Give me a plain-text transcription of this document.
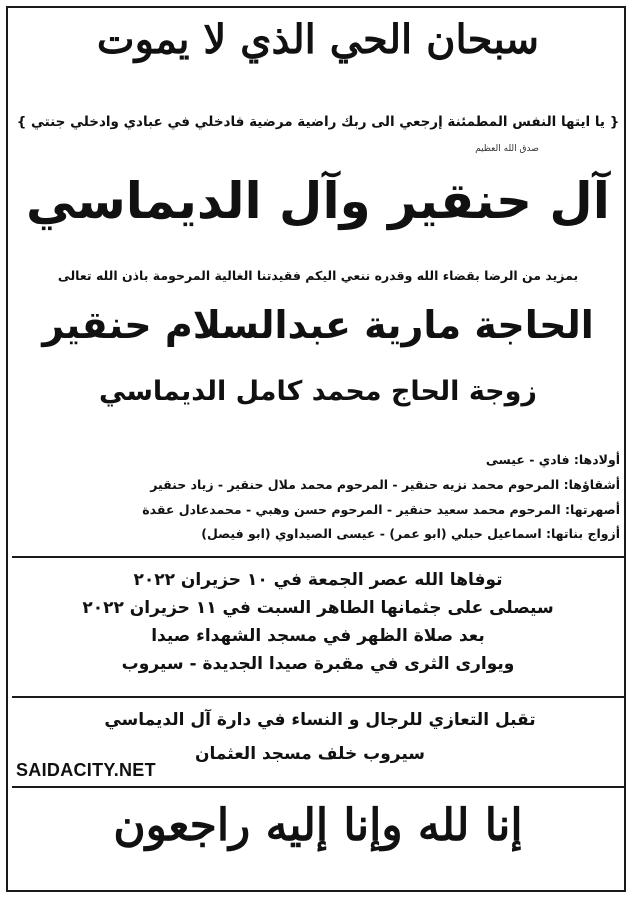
سبحان الحي الذي لا يموت
{ يا ايتها النفس المطمئنة إرجعي الى ربك راضية مرضية فادخلي في عبادي وادخلي جنتي }
صدق الله العظيم
آل حنقير وآل الديماسي
بمزيد من الرضا بقضاء الله وقدره ننعي اليكم فقيدتنا الغالية المرحومة باذن الله تعالى
الحاجة مارية عبدالسلام حنقير
زوجة الحاج محمد كامل الديماسي
أولادها: فادي - عيسى
أشقاؤها: المرحوم محمد نزيه حنقير - المرحوم محمد ملال حنقير - زياد حنقير
أصهرتها: المرحوم محمد سعيد حنقير - المرحوم حسن وهبي - محمدعادل عقدة
أزواج بناتها: اسماعيل حبلي (ابو عمر) - عيسى الصيداوي (ابو فيصل)
توفاها الله عصر الجمعة في ١٠ حزيران ٢٠٢٢
سيصلى على جثمانها الطاهر السبت في ١١ حزيران ٢٠٢٢
بعد صلاة الظهر في مسجد الشهداء صيدا
ويوارى الثرى في مقبرة صيدا الجديدة - سيروب
تقبل التعازي للرجال و النساء في دارة آل الديماسي
سيروب خلف مسجد العثمان
SAIDACITY.NET
إنا لله وإنا إليه راجعون
